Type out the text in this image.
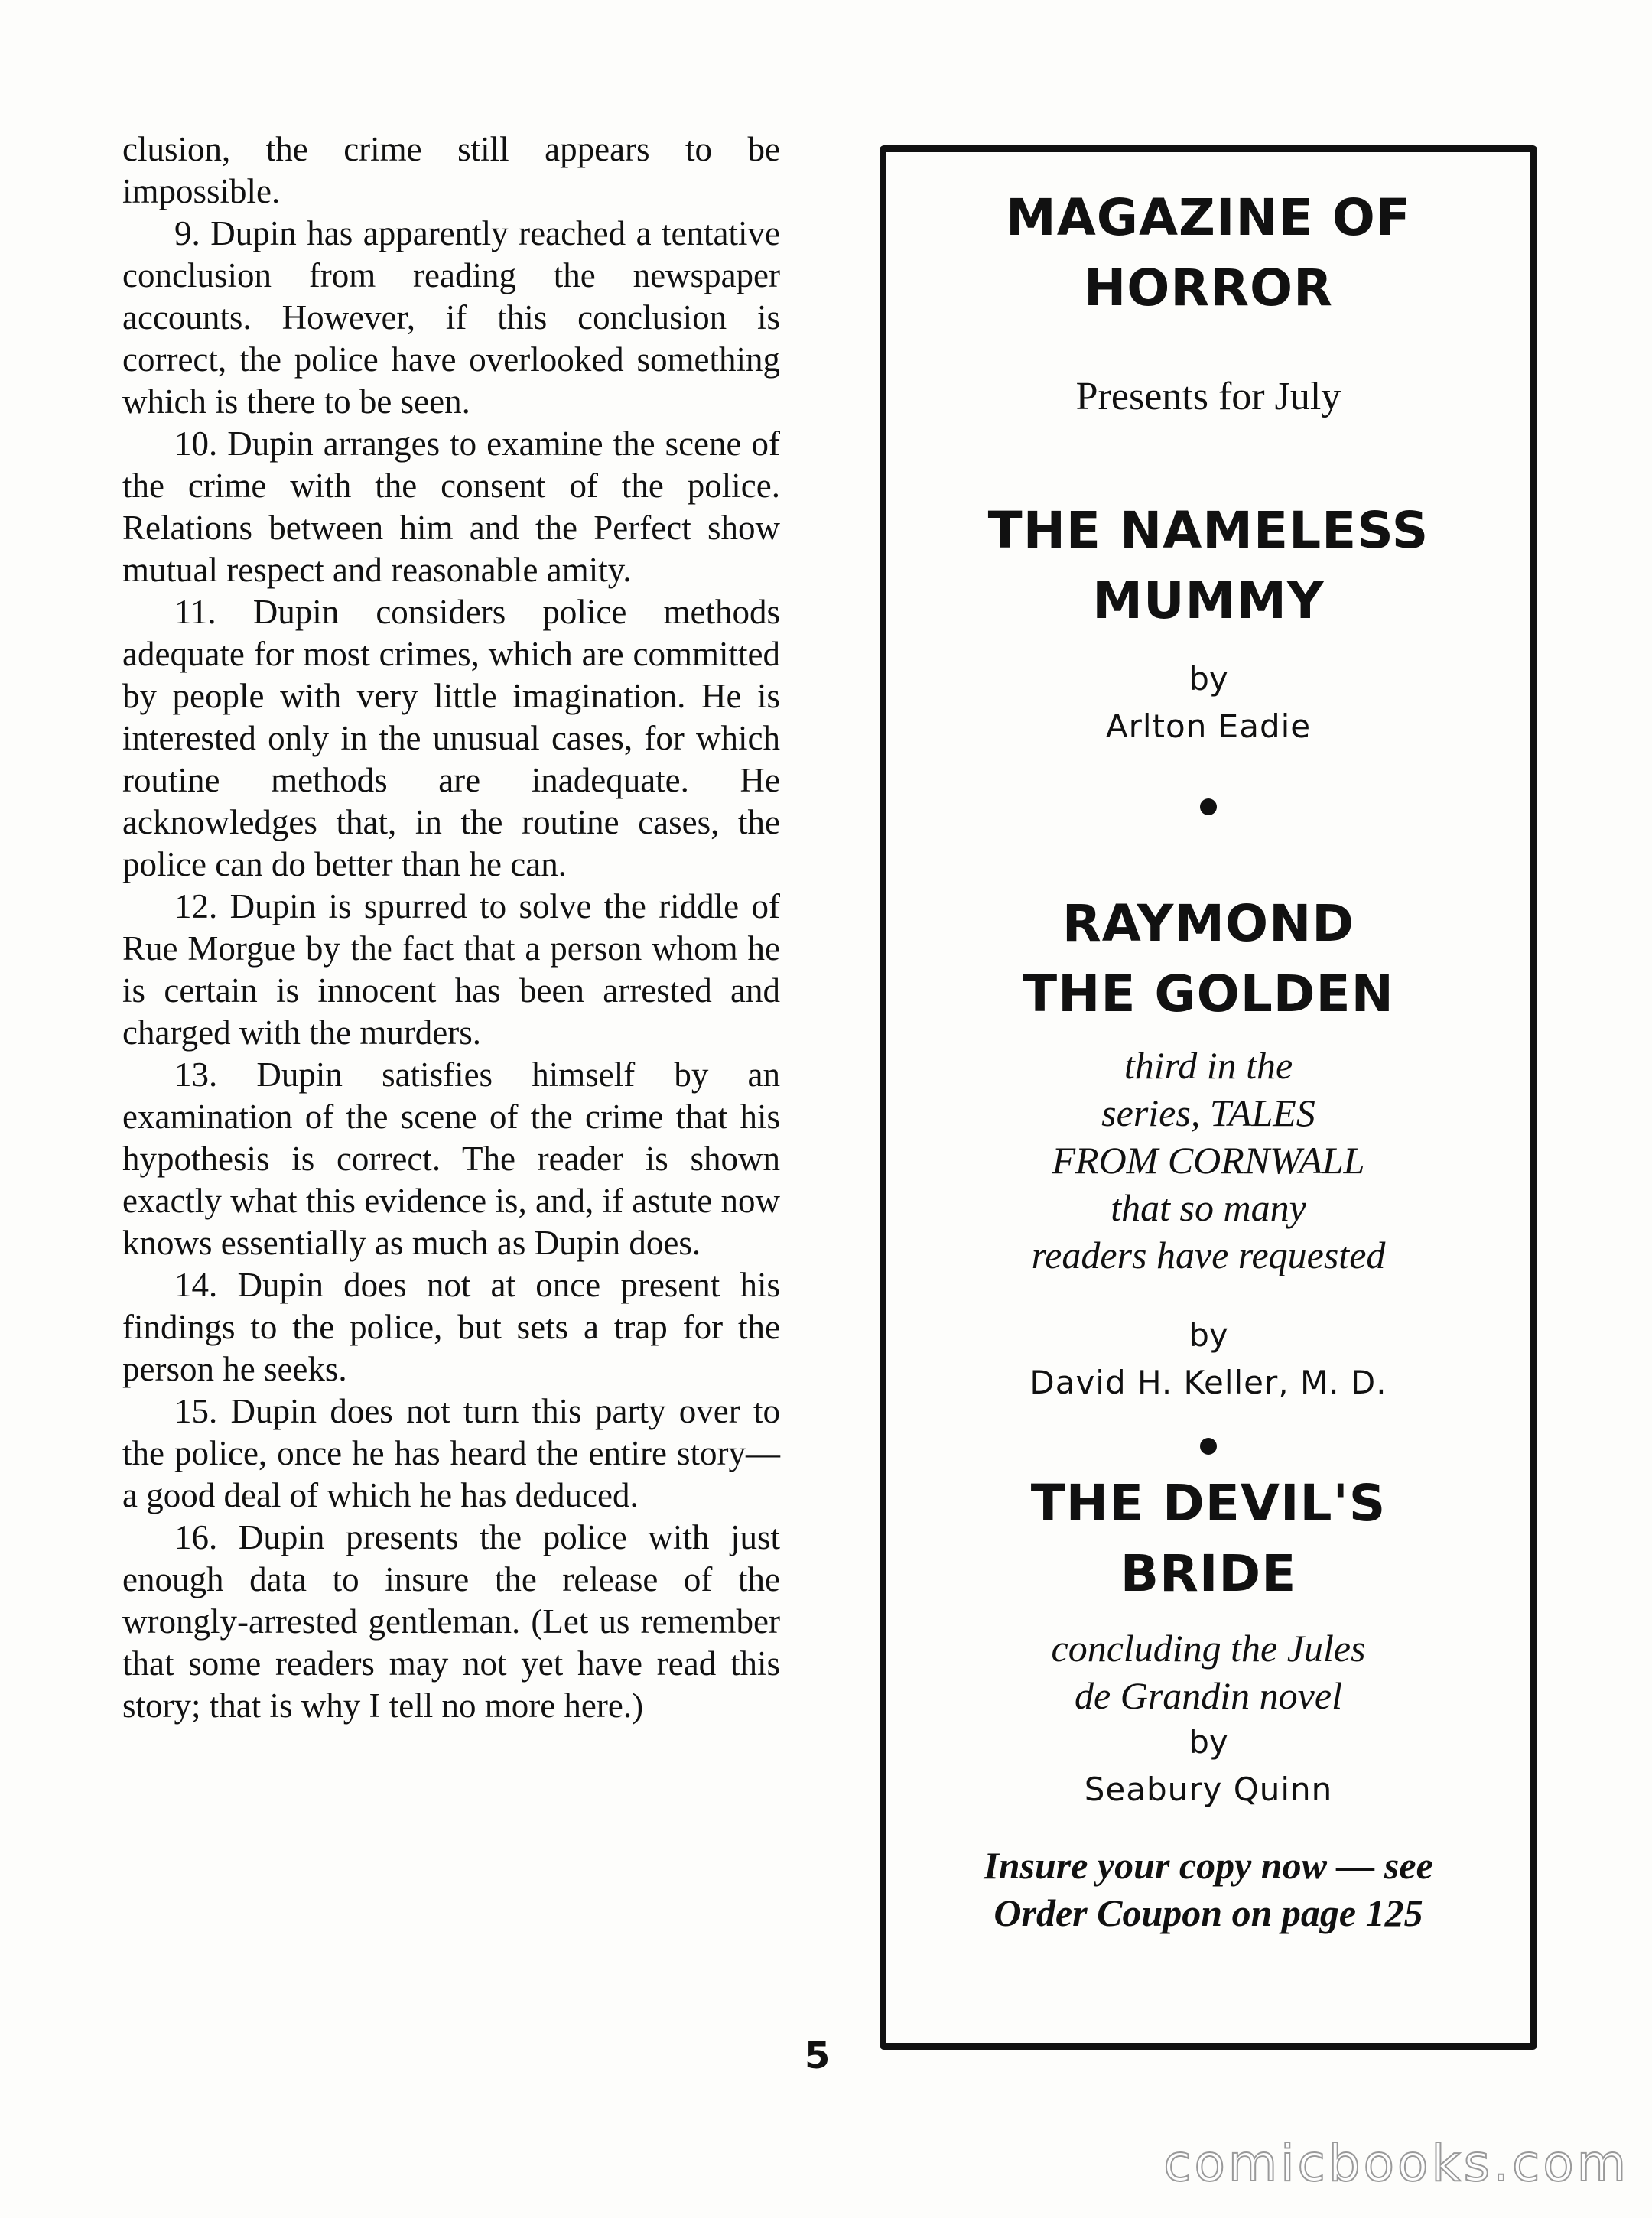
clusion, the crime still appears to be impossible.

9. Dupin has apparently reached a tentative conclusion from reading the newspaper accounts. However, if this conclusion is correct, the police have overlooked something which is there to be seen.

10. Dupin arranges to examine the scene of the crime with the consent of the police. Relations between him and the Perfect show mutual respect and reasonable amity.

11. Dupin considers police methods adequate for most crimes, which are committed by people with very little imagination. He is interested only in the unusual cases, for which routine methods are inadequate. He acknowledges that, in the routine cases, the police can do better than he can.

12. Dupin is spurred to solve the riddle of Rue Morgue by the fact that a person whom he is certain is innocent has been arrested and charged with the murders.

13. Dupin satisfies himself by an examination of the scene of the crime that his hypothesis is correct. The reader is shown exactly what this evidence is, and, if astute now knows essentially as much as Dupin does.

14. Dupin does not at once present his findings to the police, but sets a trap for the person he seeks.

15. Dupin does not turn this party over to the police, once he has heard the entire story—a good deal of which he has deduced.

16. Dupin presents the police with just enough data to insure the release of the wrongly-arrested gentleman. (Let us remember that some readers may not yet have read this story; that is why I tell no more here.)

MAGAZINE OF

HORROR

Presents for July

THE NAMELESS

MUMMY

by

Arlton Eadie

RAYMOND

THE GOLDEN

third in the

series, TALES

FROM CORNWALL

that so many

readers have requested

by

David H. Keller, M. D.

THE DEVIL'S

BRIDE

concluding the Jules

de Grandin novel

by

Seabury Quinn

Insure your copy now — see

Order Coupon on page 125

5
comicbooks.com
